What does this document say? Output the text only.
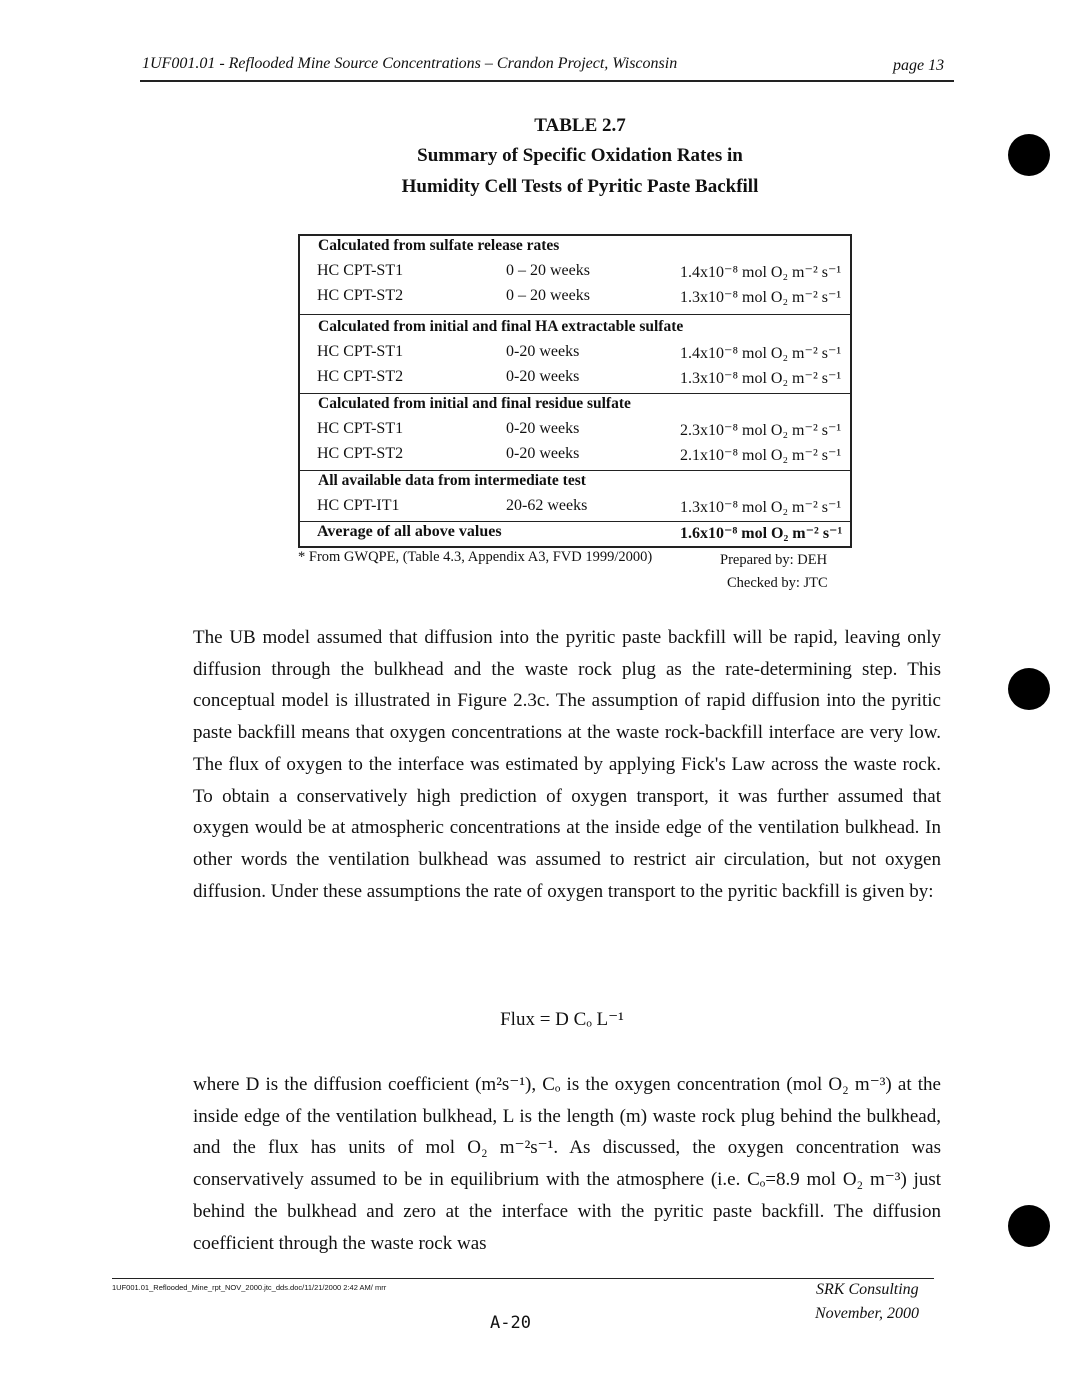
1UF001.01 - Reflooded Mine Source Concentrations – Crandon Project, Wisconsin	page 13
TABLE 2.7
Summary of Specific Oxidation Rates in
Humidity Cell Tests of Pyritic Paste Backfill
Calculated from sulfate release rates
HC CPT-ST1	0 – 20 weeks	1.4x10⁻⁸ mol O₂ m⁻² s⁻¹
HC CPT-ST2	0 – 20 weeks	1.3x10⁻⁸ mol O₂ m⁻² s⁻¹
Calculated from initial and final HA extractable sulfate
HC CPT-ST1	0-20 weeks	1.4x10⁻⁸ mol O₂ m⁻² s⁻¹
HC CPT-ST2	0-20 weeks	1.3x10⁻⁸ mol O₂ m⁻² s⁻¹
Calculated from initial and final residue sulfate
HC CPT-ST1	0-20 weeks	2.3x10⁻⁸ mol O₂ m⁻² s⁻¹
HC CPT-ST2	0-20 weeks	2.1x10⁻⁸ mol O₂ m⁻² s⁻¹
All available data from intermediate test
HC CPT-IT1	20-62 weeks	1.3x10⁻⁸ mol O₂ m⁻² s⁻¹
Average of all above values	1.6x10⁻⁸ mol O₂ m⁻² s⁻¹
* From GWQPE, (Table 4.3, Appendix A3, FVD 1999/2000)	Prepared by: DEH
Checked by: JTC
The UB model assumed that diffusion into the pyritic paste backfill will be rapid, leaving only diffusion through the bulkhead and the waste rock plug as the rate-determining step. This conceptual model is illustrated in Figure 2.3c. The assumption of rapid diffusion into the pyritic paste backfill means that oxygen concentrations at the waste rock-backfill interface are very low. The flux of oxygen to the interface was estimated by applying Fick's Law across the waste rock. To obtain a conservatively high prediction of oxygen transport, it was further assumed that oxygen would be at atmospheric concentrations at the inside edge of the ventilation bulkhead. In other words the ventilation bulkhead was assumed to restrict air circulation, but not oxygen diffusion. Under these assumptions the rate of oxygen transport to the pyritic backfill is given by:
Flux = D Cₒ L⁻¹
where D is the diffusion coefficient (m²s⁻¹), Cₒ is the oxygen concentration (mol O₂ m⁻³) at the inside edge of the ventilation bulkhead, L is the length (m) waste rock plug behind the bulkhead, and the flux has units of mol O₂ m⁻²s⁻¹. As discussed, the oxygen concentration was conservatively assumed to be in equilibrium with the atmosphere (i.e. Cₒ=8.9 mol O₂ m⁻³) just behind the bulkhead and zero at the interface with the pyritic paste backfill. The diffusion coefficient through the waste rock was
1UF001.01_Reflooded_Mine_rpt_NOV_2000.jtc_dds.doc/11/21/2000 2:42 AM/ mrr
A-20
SRK Consulting
November, 2000
